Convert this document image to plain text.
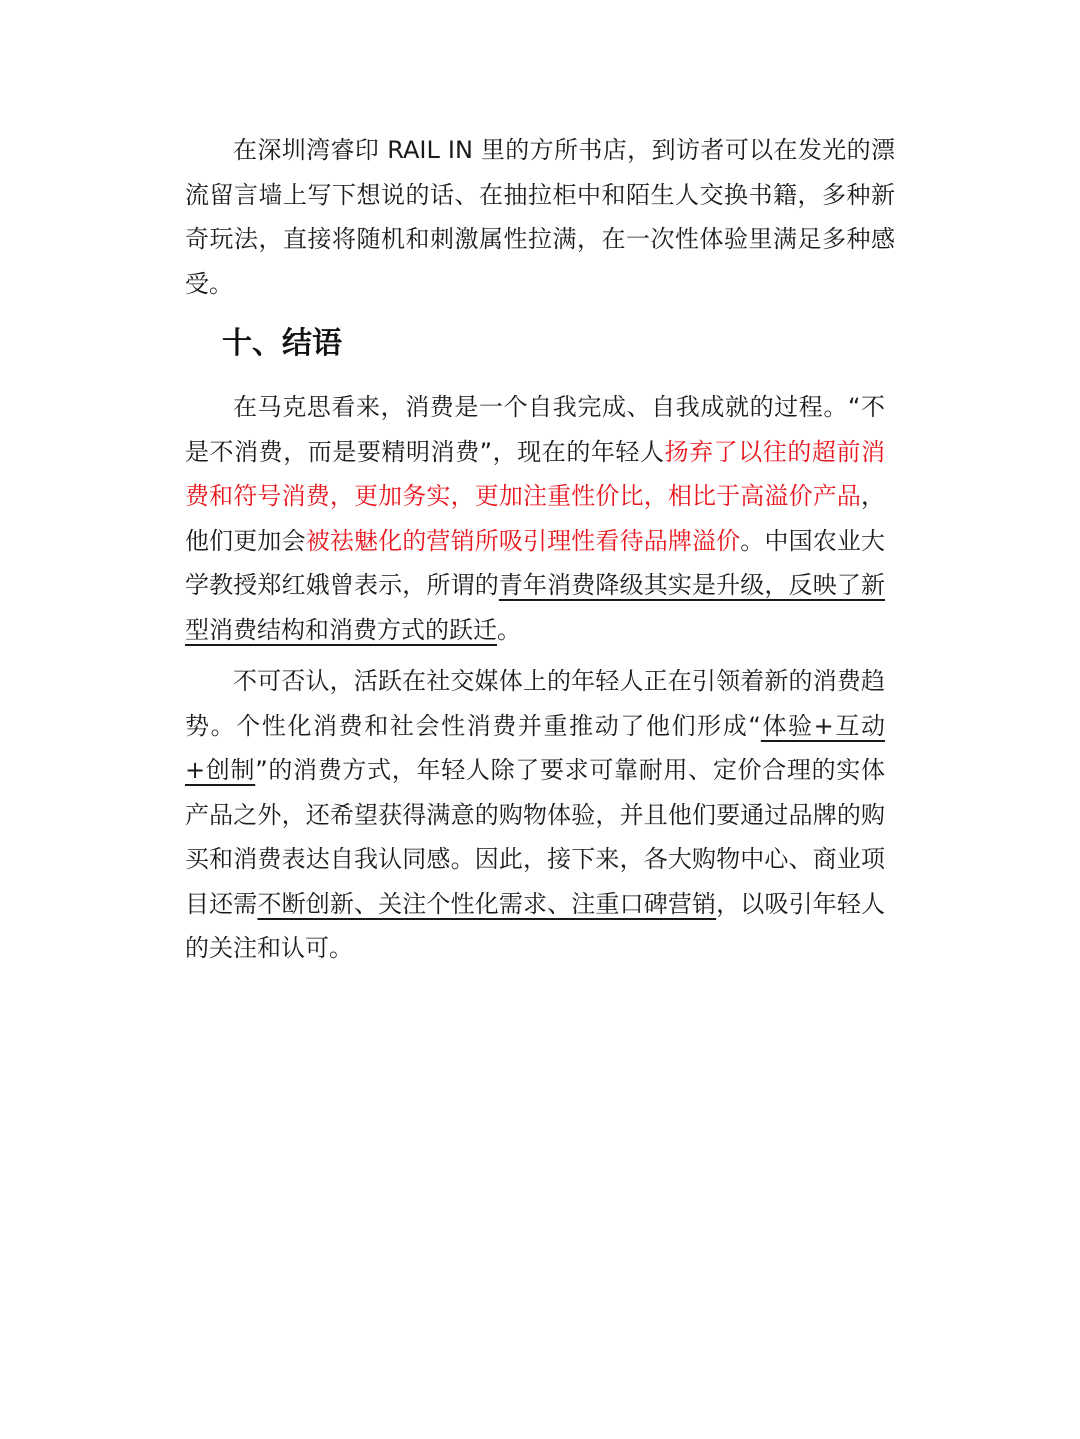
在深圳湾睿印 RAIL IN 里的方所书店，到访者可以在发光的漂流留言墙上写下想说的话、在抽拉柜中和陌生人交换书籍，多种新奇玩法，直接将随机和刺激属性拉满，在一次性体验里满足多种感受。

十、结语

在马克思看来，消费是一个自我完成、自我成就的过程。“不是不消费，而是要精明消费”，现在的年轻人扬弃了以往的超前消费和符号消费，更加务实，更加注重性价比，相比于高溢价产品，他们更加会被祛魅化的营销所吸引理性看待品牌溢价。中国农业大学教授郑红娥曾表示，所谓的青年消费降级其实是升级，反映了新型消费结构和消费方式的跃迁。

不可否认，活跃在社交媒体上的年轻人正在引领着新的消费趋势。个性化消费和社会性消费并重推动了他们形成“体验+互动+创制”的消费方式，年轻人除了要求可靠耐用、定价合理的实体产品之外，还希望获得满意的购物体验，并且他们要通过品牌的购买和消费表达自我认同感。因此，接下来，各大购物中心、商业项目还需不断创新、关注个性化需求、注重口碑营销，以吸引年轻人的关注和认可。
